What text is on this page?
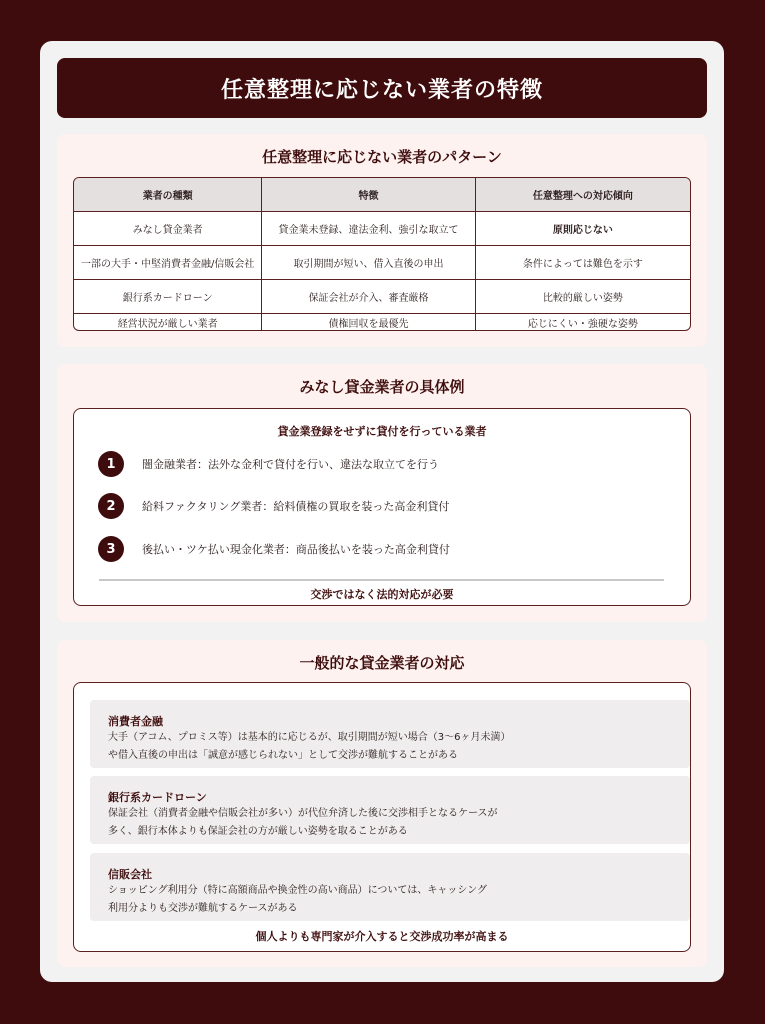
任意整理に応じない業者の特徴
任意整理に応じない業者のパターン
業者の種類	特徴	任意整理への対応傾向
みなし貸金業者	貸金業未登録、違法金利、強引な取立て	原則応じない
一部の大手・中堅消費者金融/信販会社	取引期間が短い、借入直後の申出	条件によっては難色を示す
銀行系カードローン	保証会社が介入、審査厳格	比較的厳しい姿勢
経営状況が厳しい業者	債権回収を最優先	応じにくい・強硬な姿勢
みなし貸金業者の具体例
貸金業登録をせずに貸付を行っている業者
1	闇金融業者：法外な金利で貸付を行い、違法な取立てを行う
2	給料ファクタリング業者：給料債権の買取を装った高金利貸付
3	後払い・ツケ払い現金化業者：商品後払いを装った高金利貸付
交渉ではなく法的対応が必要
一般的な貸金業者の対応
消費者金融
大手（アコム、プロミス等）は基本的に応じるが、取引期間が短い場合（3〜6ヶ月未満）
や借入直後の申出は「誠意が感じられない」として交渉が難航することがある
銀行系カードローン
保証会社（消費者金融や信販会社が多い）が代位弁済した後に交渉相手となるケースが
多く、銀行本体よりも保証会社の方が厳しい姿勢を取ることがある
信販会社
ショッピング利用分（特に高額商品や換金性の高い商品）については、キャッシング
利用分よりも交渉が難航するケースがある
個人よりも専門家が介入すると交渉成功率が高まる
